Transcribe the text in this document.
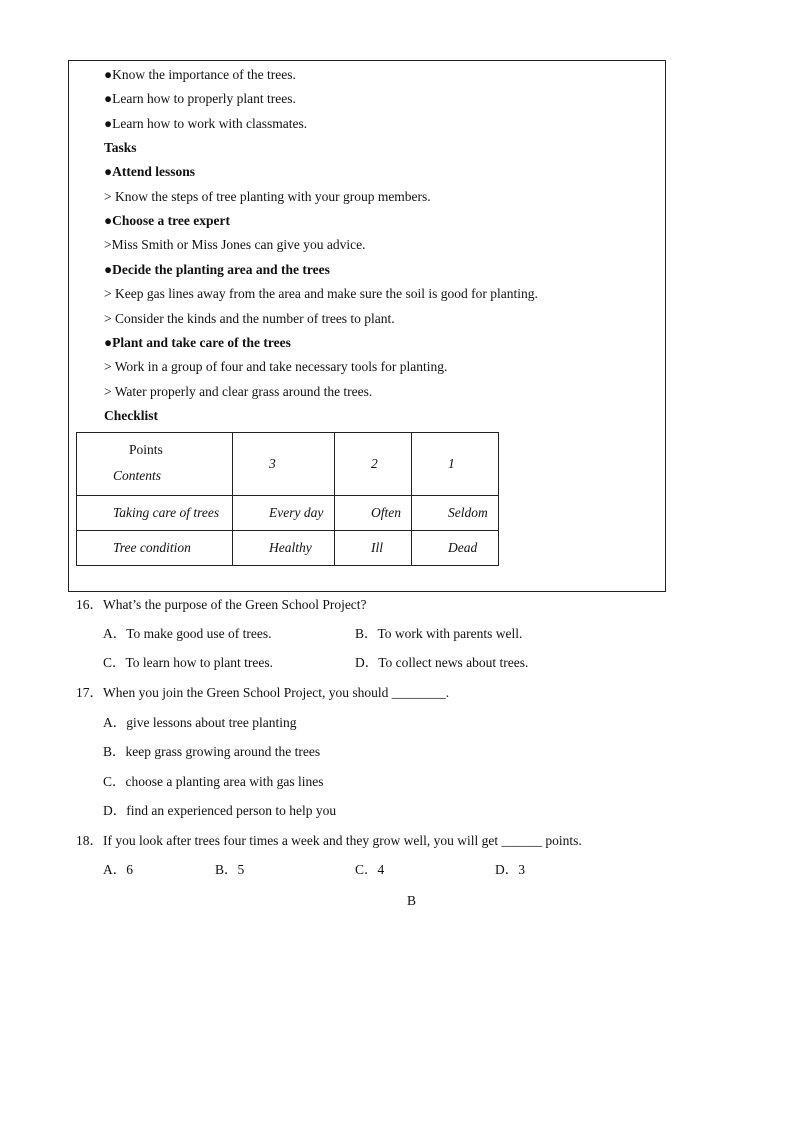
●Know the importance of the trees.
●Learn how to properly plant trees.
●Learn how to work with classmates.
Tasks
●Attend lessons
> Know the steps of tree planting with your group members.
●Choose a tree expert
>Miss Smith or Miss Jones can give you advice.
●Decide the planting area and the trees
> Keep gas lines away from the area and make sure the soil is good for planting.
> Consider the kinds and the number of trees to plant.
●Plant and take care of the trees
> Work in a group of four and take necessary tools for planting.
> Water properly and clear grass around the trees.
Checklist
Points
Contents	3	2	1
Taking care of trees	Every day	Often	Seldom
Tree condition	Healthy	Ill	Dead
16．What’s the purpose of the Green School Project?
A．To make good use of trees.	B．To work with parents well.
C．To learn how to plant trees.	D．To collect news about trees.
17．When you join the Green School Project, you should ________.
A．give lessons about tree planting
B．keep grass growing around the trees
C．choose a planting area with gas lines
D．find an experienced person to help you
18．If you look after trees four times a week and they grow well, you will get ______ points.
A．6	B．5	C．4	D．3
B
